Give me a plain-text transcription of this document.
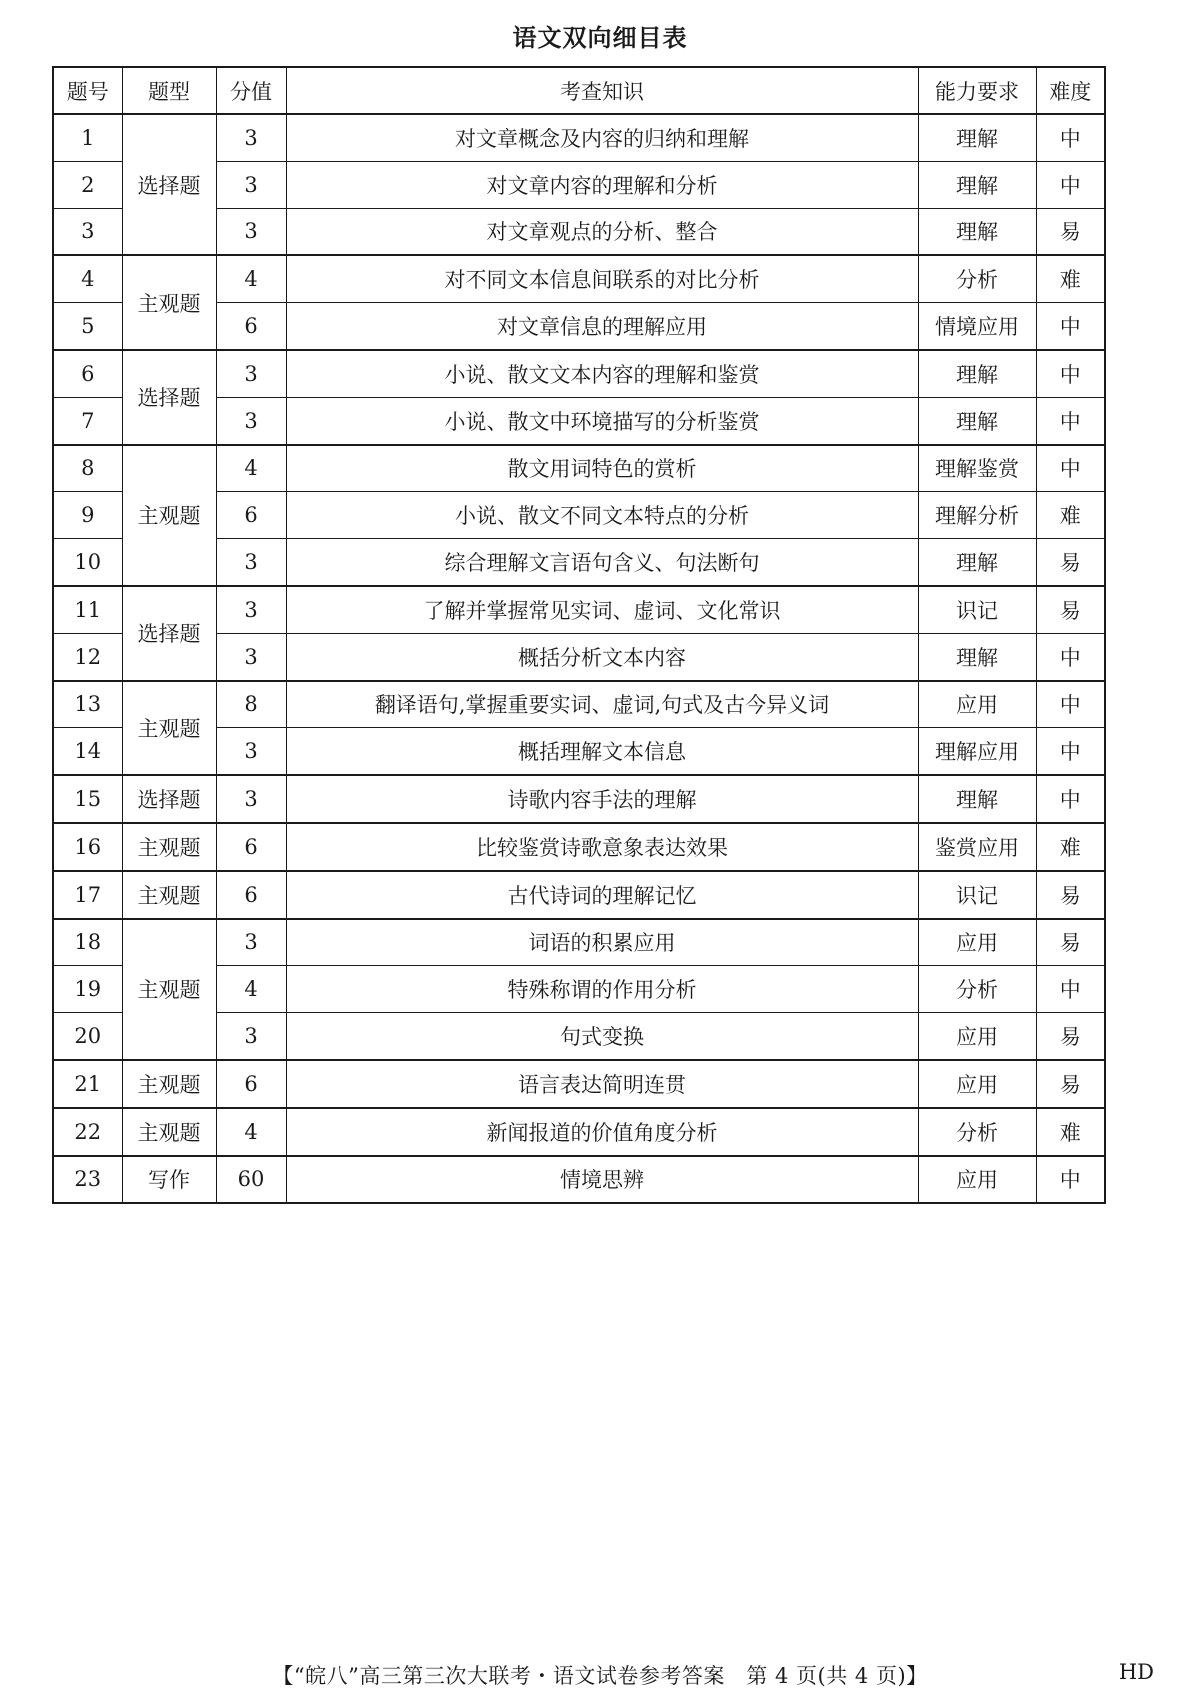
语文双向细目表
题号	题型	分值	考查知识	能力要求	难度
1	选择题	3	对文章概念及内容的归纳和理解	理解	中
2		3	对文章内容的理解和分析	理解	中
3		3	对文章观点的分析、整合	理解	易
4	主观题	4	对不同文本信息间联系的对比分析	分析	难
5		6	对文章信息的理解应用	情境应用	中
6	选择题	3	小说、散文文本内容的理解和鉴赏	理解	中
7		3	小说、散文中环境描写的分析鉴赏	理解	中
8	主观题	4	散文用词特色的赏析	理解鉴赏	中
9		6	小说、散文不同文本特点的分析	理解分析	难
10		3	综合理解文言语句含义、句法断句	理解	易
11	选择题	3	了解并掌握常见实词、虚词、文化常识	识记	易
12		3	概括分析文本内容	理解	中
13	主观题	8	翻译语句,掌握重要实词、虚词,句式及古今异义词	应用	中
14		3	概括理解文本信息	理解应用	中
15	选择题	3	诗歌内容手法的理解	理解	中
16	主观题	6	比较鉴赏诗歌意象表达效果	鉴赏应用	难
17	主观题	6	古代诗词的理解记忆	识记	易
18	主观题	3	词语的积累应用	应用	易
19		4	特殊称谓的作用分析	分析	中
20		3	句式变换	应用	易
21	主观题	6	语言表达简明连贯	应用	易
22	主观题	4	新闻报道的价值角度分析	分析	难
23	写作	60	情境思辨	应用	中
【“皖八”高三第三次大联考・语文试卷参考答案　第 4 页(共 4 页)】	HD
